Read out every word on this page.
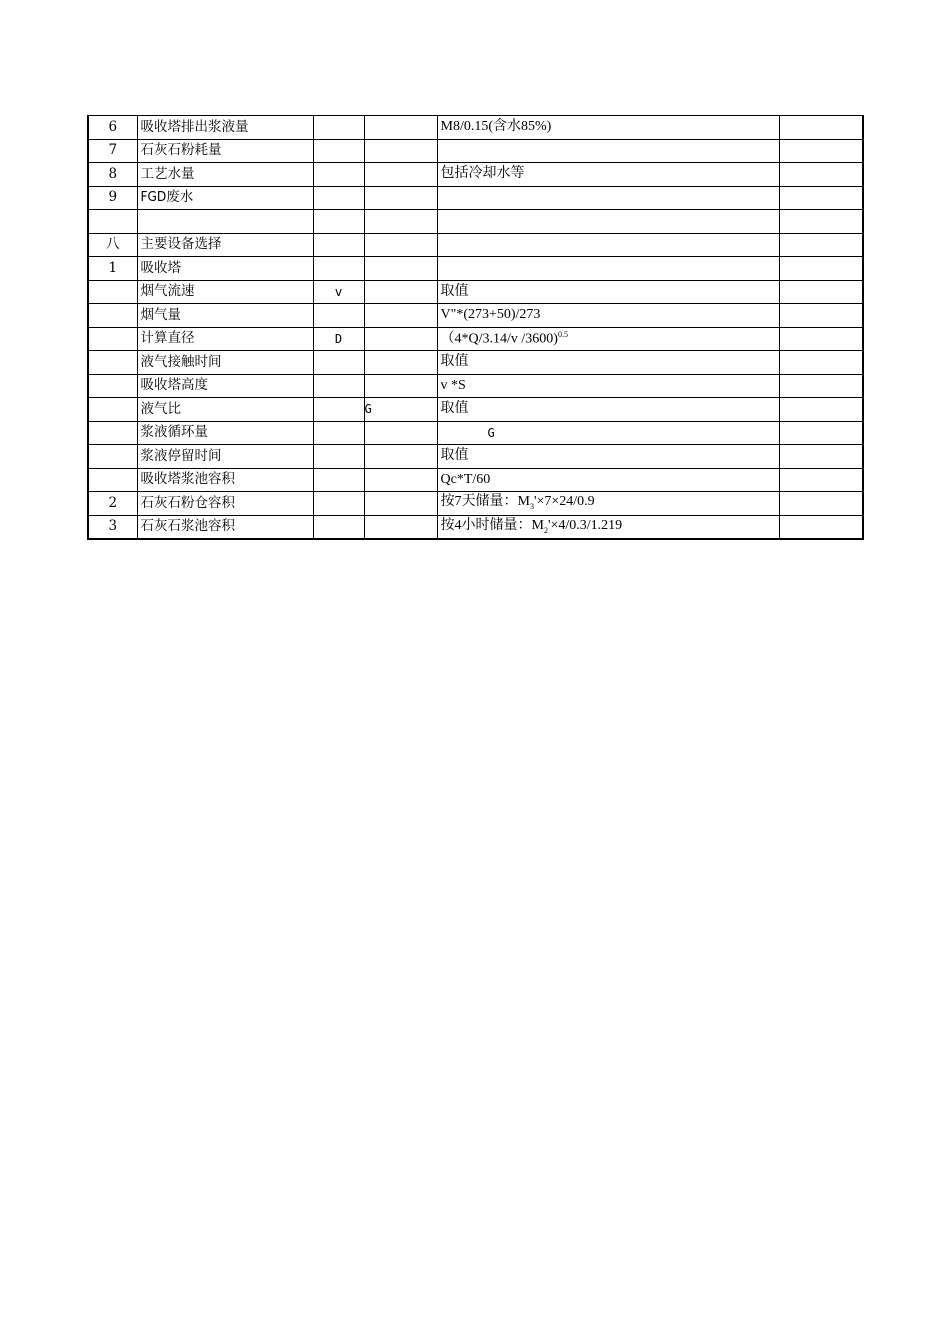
6	吸收塔排出浆液量			M8/0.15(含水85%)	
7	石灰石粉耗量				
8	工艺水量			包括冷却水等	
9	FGD废水				

八	主要设备选择				
1	吸收塔				
	烟气流速	v		取值	
	烟气量			V"*(273+50)/273	
	计算直径	D		（4*Q/3.14/v /3600)$^{0.5}$	
	液气接触时间			取值	
	吸收塔高度			v *S	
	液气比		G	取值	
	浆液循环量			G	
	浆液停留时间			取值	
	吸收塔浆池容积			Qc*T/60	
2	石灰石粉仓容积			按7天储量：$M_3'\times 7\times 24/0.9$	
3	石灰石浆池容积			按4小时储量：$M_2'\times 4/0.3/1.219$	
